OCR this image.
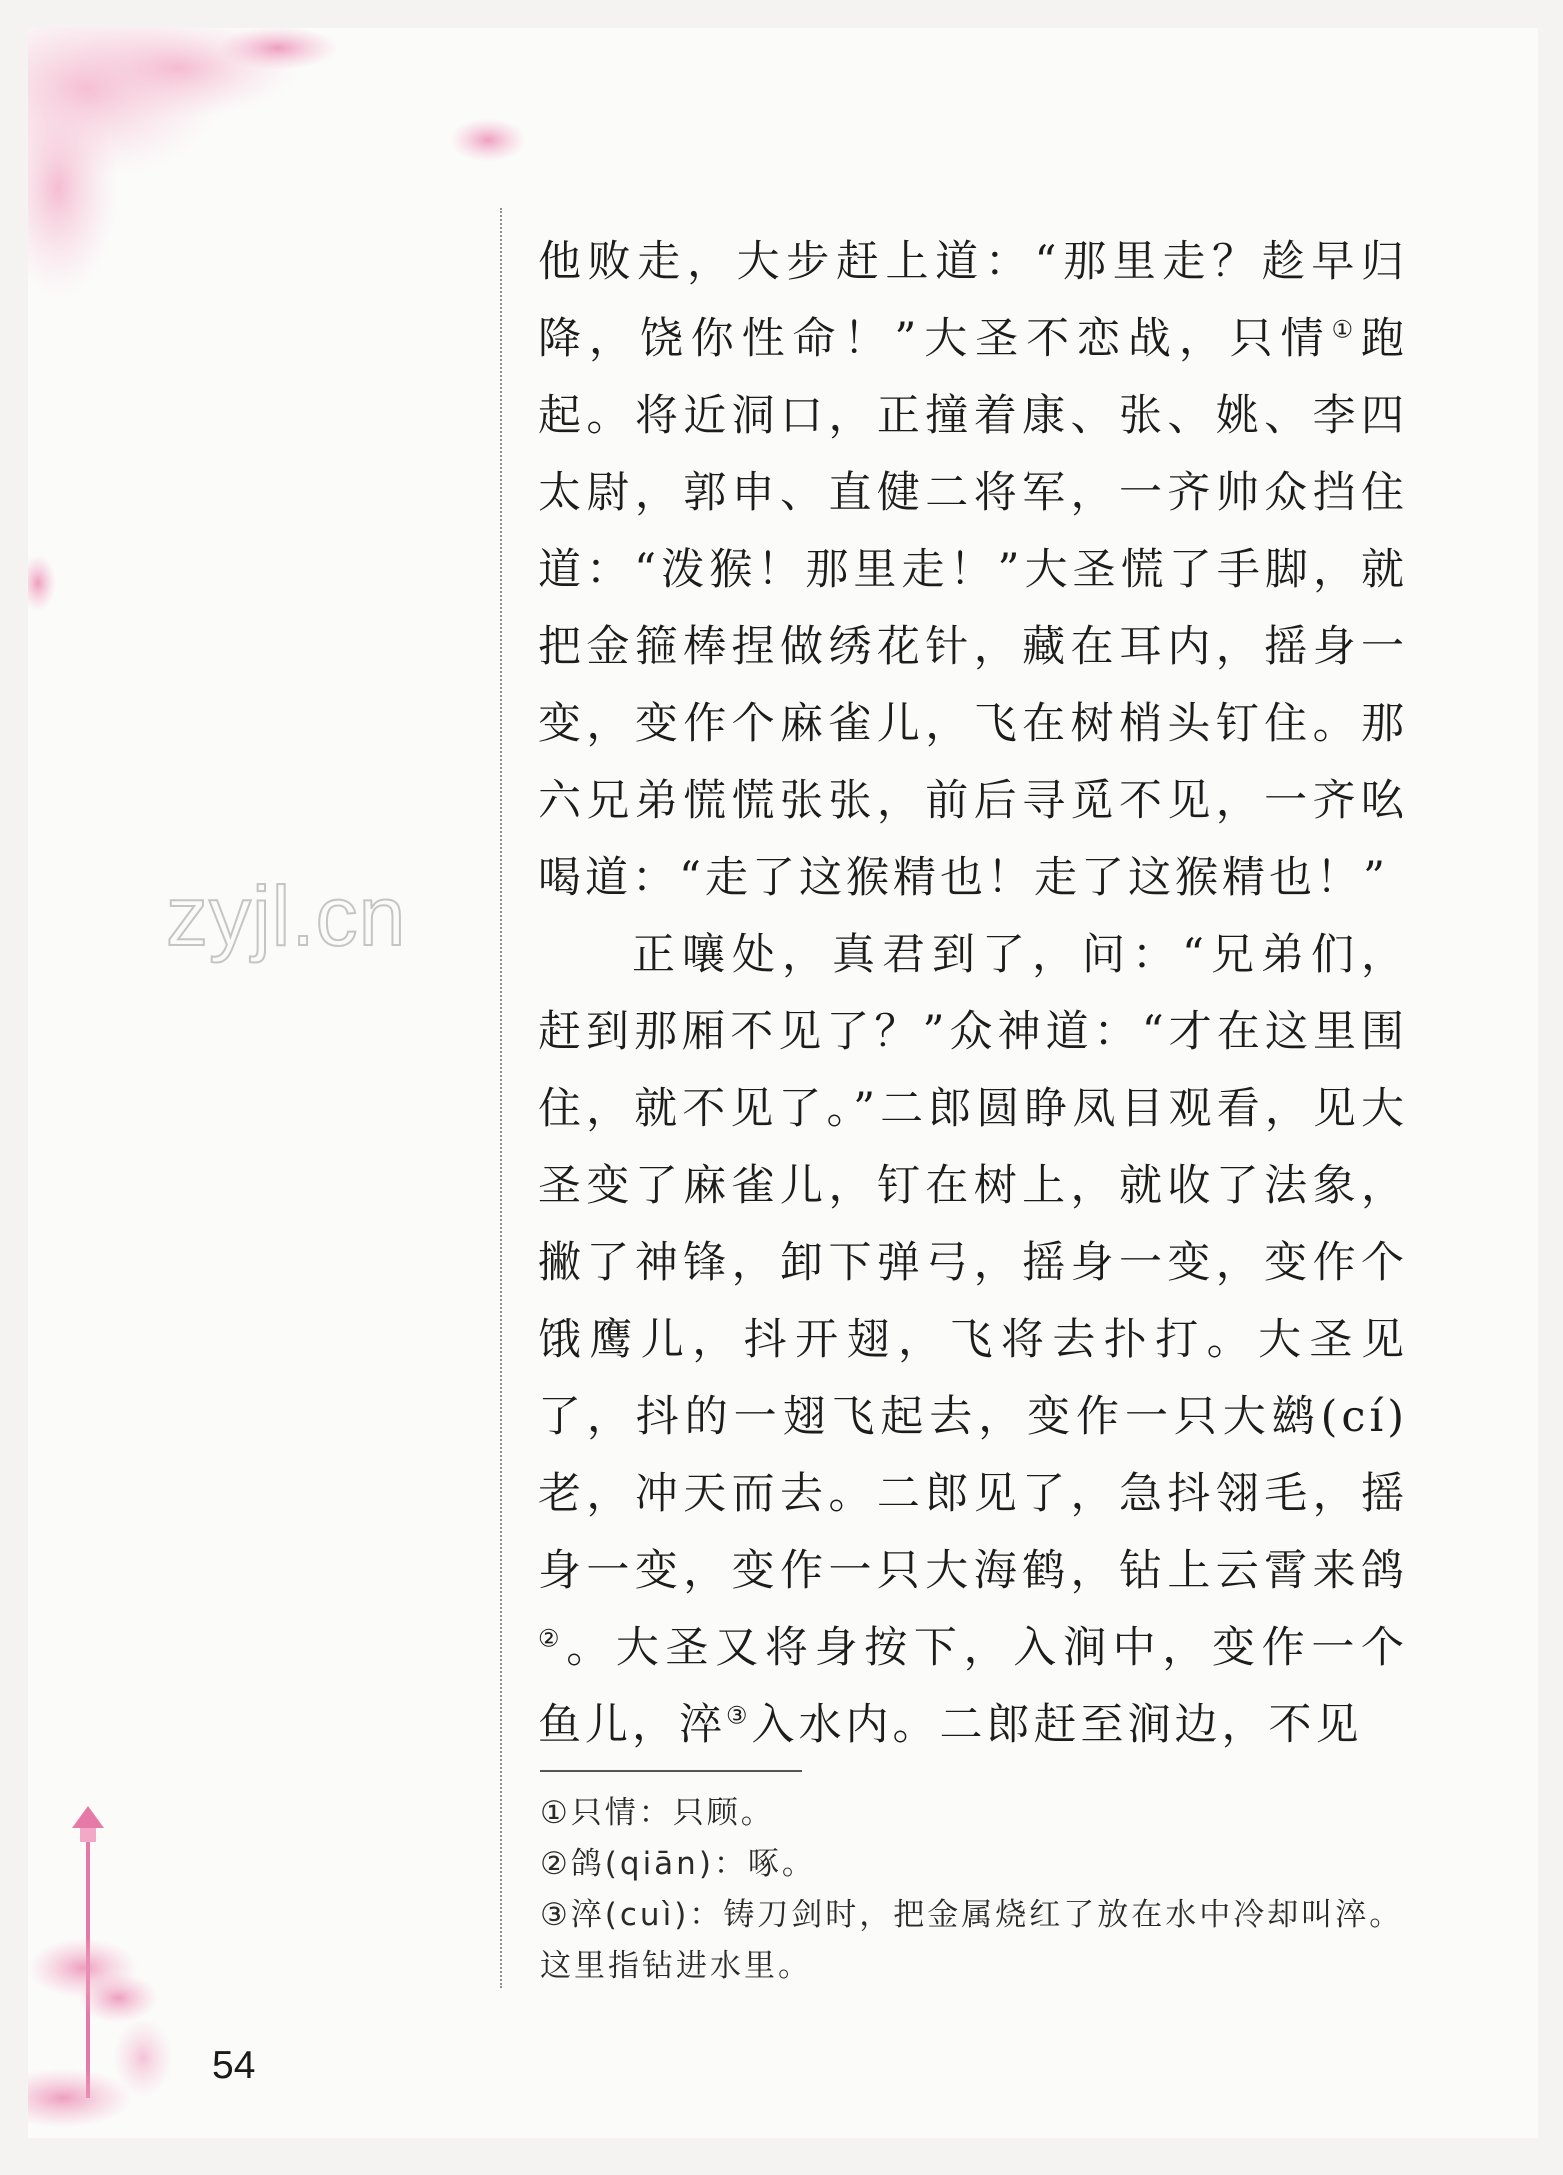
zyjl.cn

他败走，大步赶上道：“那里走？趁早归降，饶你性命！”大圣不恋战，只情①跑起。将近洞口，正撞着康、张、姚、李四太尉，郭申、直健二将军，一齐帅众挡住道：“泼猴！那里走！”大圣慌了手脚，就把金箍棒捏做绣花针，藏在耳内，摇身一变，变作个麻雀儿，飞在树梢头钉住。那六兄弟慌慌张张，前后寻觅不见，一齐吆喝道：“走了这猴精也！走了这猴精也！”

正嚷处，真君到了，问：“兄弟们，赶到那厢不见了？”众神道：“才在这里围住，就不见了。”二郎圆睁凤目观看，见大圣变了麻雀儿，钉在树上，就收了法象，撇了神锋，卸下弹弓，摇身一变，变作个饿鹰儿，抖开翅，飞将去扑打。大圣见了，抖的一翅飞起去，变作一只大鹚(cí)老，冲天而去。二郎见了，急抖翎毛，摇身一变，变作一只大海鹤，钻上云霄来鸽②。大圣又将身按下，入涧中，变作一个鱼儿，淬③入水内。二郎赶至涧边，不见

①只情：只顾。

②鸽(qiān)：啄。

③淬(cuì)：铸刀剑时，把金属烧红了放在水中冷却叫淬。这里指钻进水里。

54
